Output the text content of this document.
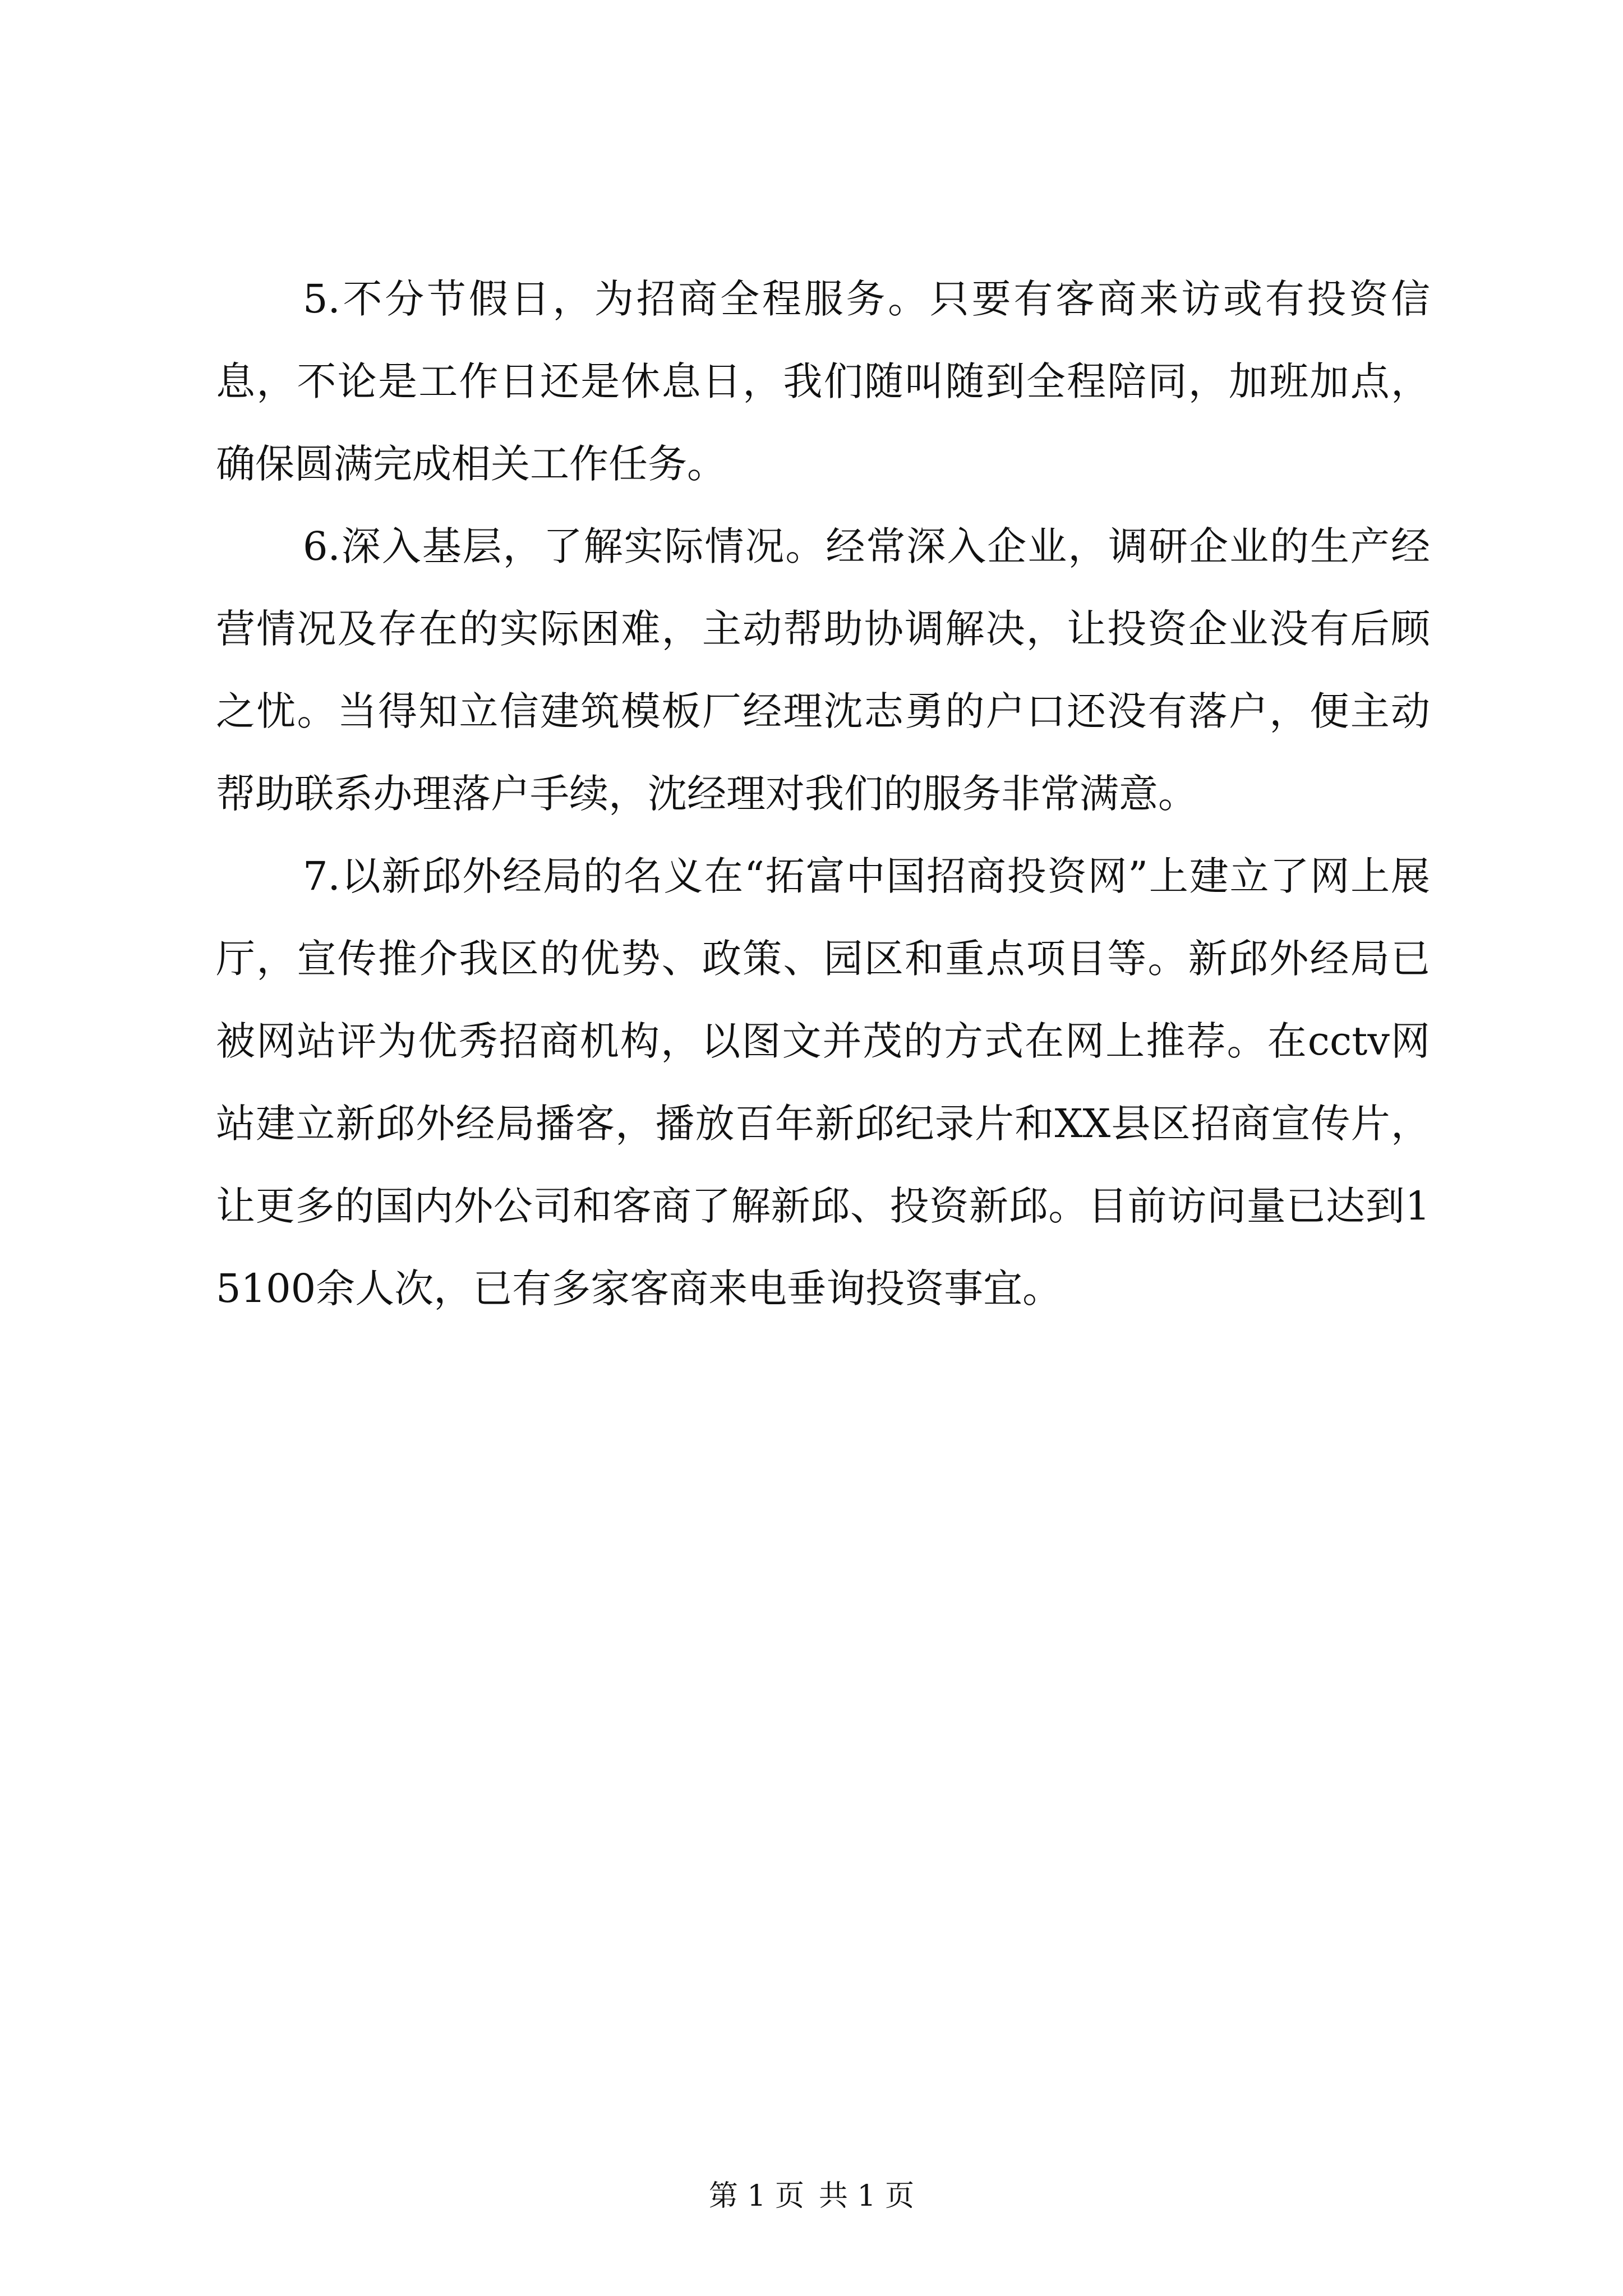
5.不分节假日，为招商全程服务。只要有客商来访或有投资信息，不论是工作日还是休息日，我们随叫随到全程陪同，加班加点，确保圆满完成相关工作任务。

6.深入基层，了解实际情况。经常深入企业，调研企业的生产经营情况及存在的实际困难，主动帮助协调解决，让投资企业没有后顾之忧。当得知立信建筑模板厂经理沈志勇的户口还没有落户，便主动帮助联系办理落户手续，沈经理对我们的服务非常满意。

7.以新邱外经局的名义在“拓富中国招商投资网”上建立了网上展厅，宣传推介我区的优势、政策、园区和重点项目等。新邱外经局已被网站评为优秀招商机构，以图文并茂的方式在网上推荐。在cctv网站建立新邱外经局播客，播放百年新邱纪录片和XX县区招商宣传片，让更多的国内外公司和客商了解新邱、投资新邱。目前访问量已达到15100余人次，已有多家客商来电垂询投资事宜。

第 1 页 共 1 页
